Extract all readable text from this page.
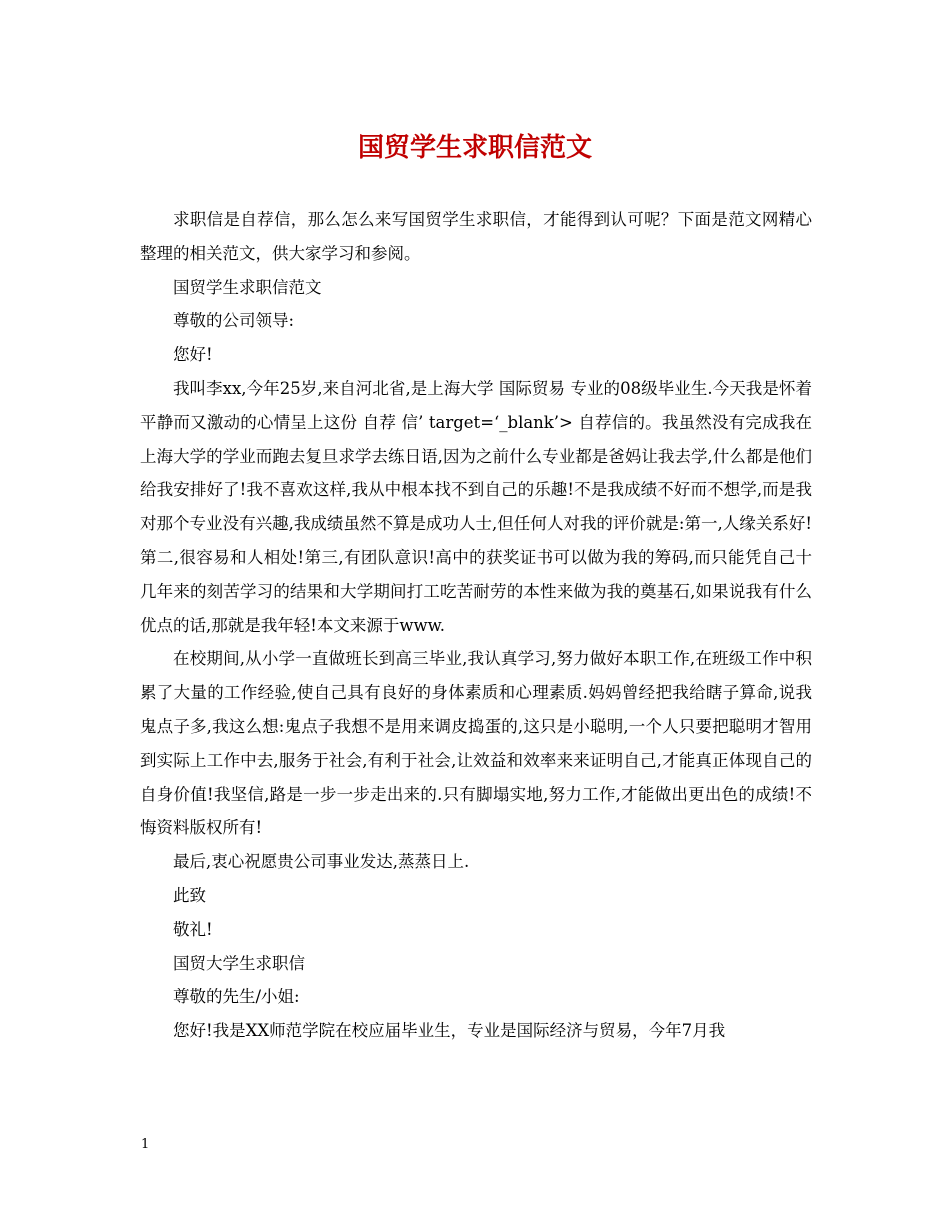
国贸学生求职信范文

求职信是自荐信，那么怎么来写国贸学生求职信，才能得到认可呢？下面是范文网精心整理的相关范文，供大家学习和参阅。

国贸学生求职信范文

尊敬的公司领导:

您好!

我叫李xx,今年25岁,来自河北省,是上海大学 国际贸易 专业的08级毕业生.今天我是怀着平静而又激动的心情呈上这份 自荐 信’ target=‘_blank’> 自荐信的。我虽然没有完成我在上海大学的学业而跑去复旦求学去练日语,因为之前什么专业都是爸妈让我去学,什么都是他们给我安排好了!我不喜欢这样,我从中根本找不到自己的乐趣!不是我成绩不好而不想学,而是我对那个专业没有兴趣,我成绩虽然不算是成功人士,但任何人对我的评价就是:第一,人缘关系好!第二,很容易和人相处!第三,有团队意识!高中的获奖证书可以做为我的筹码,而只能凭自己十几年来的刻苦学习的结果和大学期间打工吃苦耐劳的本性来做为我的奠基石,如果说我有什么优点的话,那就是我年轻!本文来源于www.

在校期间,从小学一直做班长到高三毕业,我认真学习,努力做好本职工作,在班级工作中积累了大量的工作经验,使自己具有良好的身体素质和心理素质.妈妈曾经把我给瞎子算命,说我鬼点子多,我这么想:鬼点子我想不是用来调皮捣蛋的,这只是小聪明,一个人只要把聪明才智用到实际上工作中去,服务于社会,有利于社会,让效益和效率来来证明自己,才能真正体现自己的自身价值!我坚信,路是一步一步走出来的.只有脚塌实地,努力工作,才能做出更出色的成绩!不悔资料版权所有!

最后,衷心祝愿贵公司事业发达,蒸蒸日上.

此致

敬礼!

国贸大学生求职信

尊敬的先生/小姐:

您好!我是XX师范学院在校应届毕业生，专业是国际经济与贸易，今年7月我

1
